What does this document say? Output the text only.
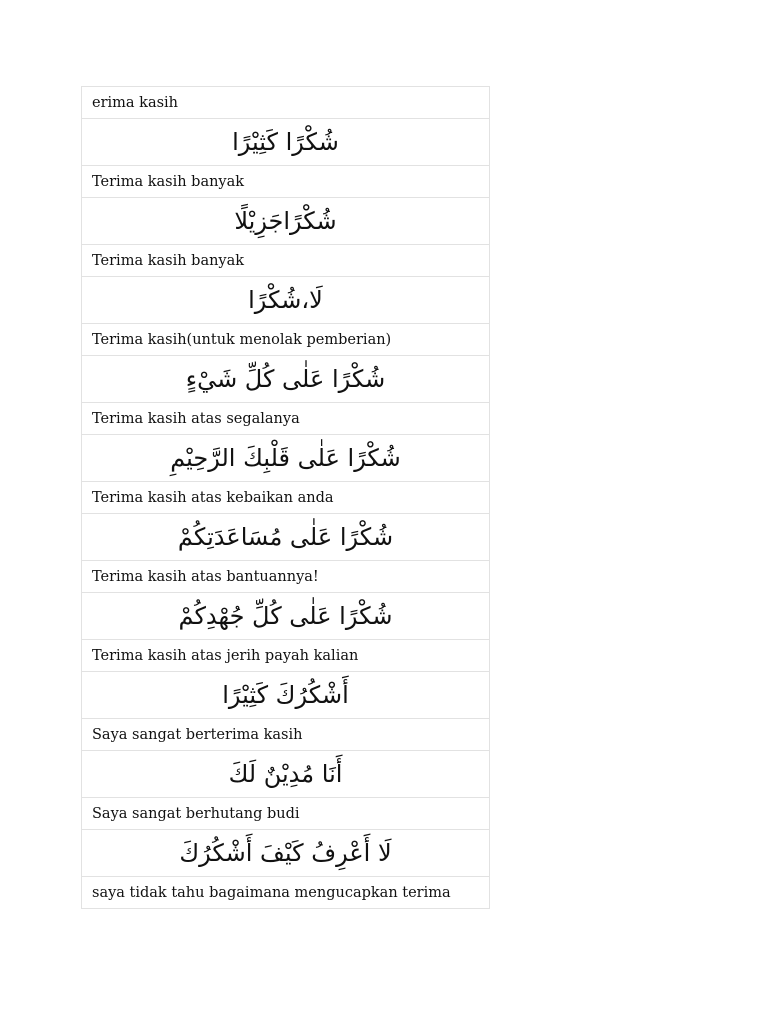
erima kasih
شُكْرًا كَثِيْرًا
Terima kasih banyak
شُكْرًاجَزِيْلًا
Terima kasih banyak
لَا،شُكْرًا
Terima kasih(untuk menolak pemberian)
شُكْرًا عَلٰى كُلِّ شَيْءٍ
Terima kasih atas segalanya
شُكْرًا عَلٰى قَلْبِكَ الرَّحِيْمِ
Terima kasih atas kebaikan anda
شُكْرًا عَلٰى مُسَاعَدَتِكُمْ
Terima kasih atas bantuannya!
شُكْرًا عَلٰى كُلِّ جُهْدِكُمْ
Terima kasih atas jerih payah kalian
أَشْكُرُكَ كَثِيْرًا
Saya sangat berterima kasih
أَنَا مُدِيْنٌ لَكَ
Saya sangat berhutang budi
لَا أَعْرِفُ كَيْفَ أَشْكُرُكَ
saya tidak tahu bagaimana mengucapkan terima
